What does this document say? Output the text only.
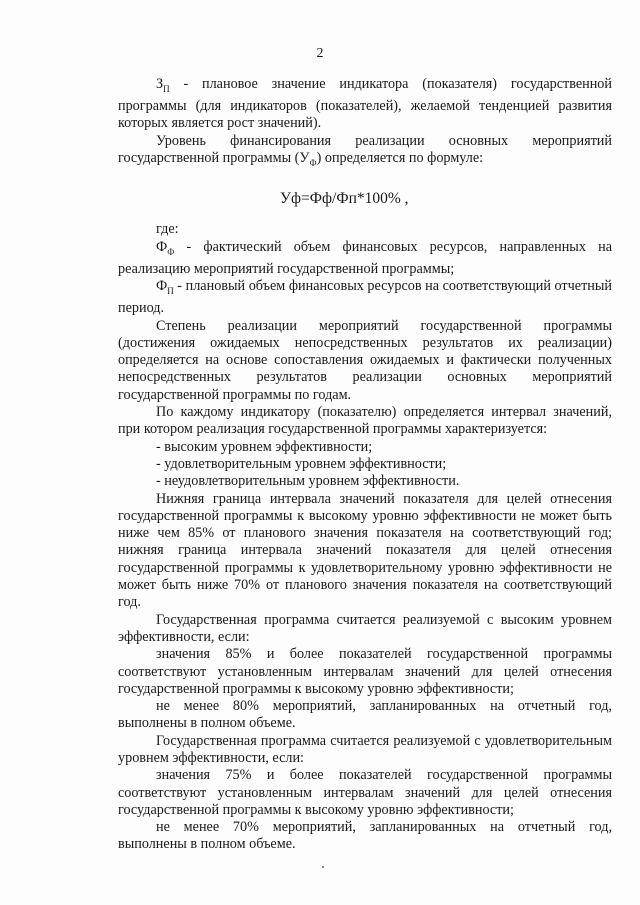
2

$З_П$ - плановое значение индикатора (показателя) государственной программы (для индикаторов (показателей), желаемой тенденцией развития которых является рост значений).

Уровень финансирования реализации основных мероприятий государственной программы $(У_Ф)$ определяется по формуле:

Уф=Фф/Фп*100% ,

где:

$Ф_Ф$ - фактический объем финансовых ресурсов, направленных на реализацию мероприятий государственной программы;

$Ф_П$ - плановый объем финансовых ресурсов на соответствующий отчетный период.

Степень реализации мероприятий государственной программы (достижения ожидаемых непосредственных результатов их реализации) определяется на основе сопоставления ожидаемых и фактически полученных непосредственных результатов реализации основных мероприятий государственной программы по годам.

По каждому индикатору (показателю) определяется интервал значений, при котором реализация государственной программы характеризуется:

- высоким уровнем эффективности;

- удовлетворительным уровнем эффективности;

- неудовлетворительным уровнем эффективности.

Нижняя граница интервала значений показателя для целей отнесения государственной программы к высокому уровню эффективности не может быть ниже чем 85% от планового значения показателя на соответствующий год; нижняя граница интервала значений показателя для целей отнесения государственной программы к удовлетворительному уровню эффективности не может быть ниже 70% от планового значения показателя на соответствующий год.

Государственная программа считается реализуемой с высоким уровнем эффективности, если:

значения 85% и более показателей государственной программы соответствуют установленным интервалам значений для целей отнесения государственной программы к высокому уровню эффективности;

не менее 80% мероприятий, запланированных на отчетный год, выполнены в полном объеме.

Государственная программа считается реализуемой с удовлетворительным уровнем эффективности, если:

значения 75% и более показателей государственной программы соответствуют установленным интервалам значений для целей отнесения государственной программы к высокому уровню эффективности;

не менее 70% мероприятий, запланированных на отчетный год, выполнены в полном объеме.
